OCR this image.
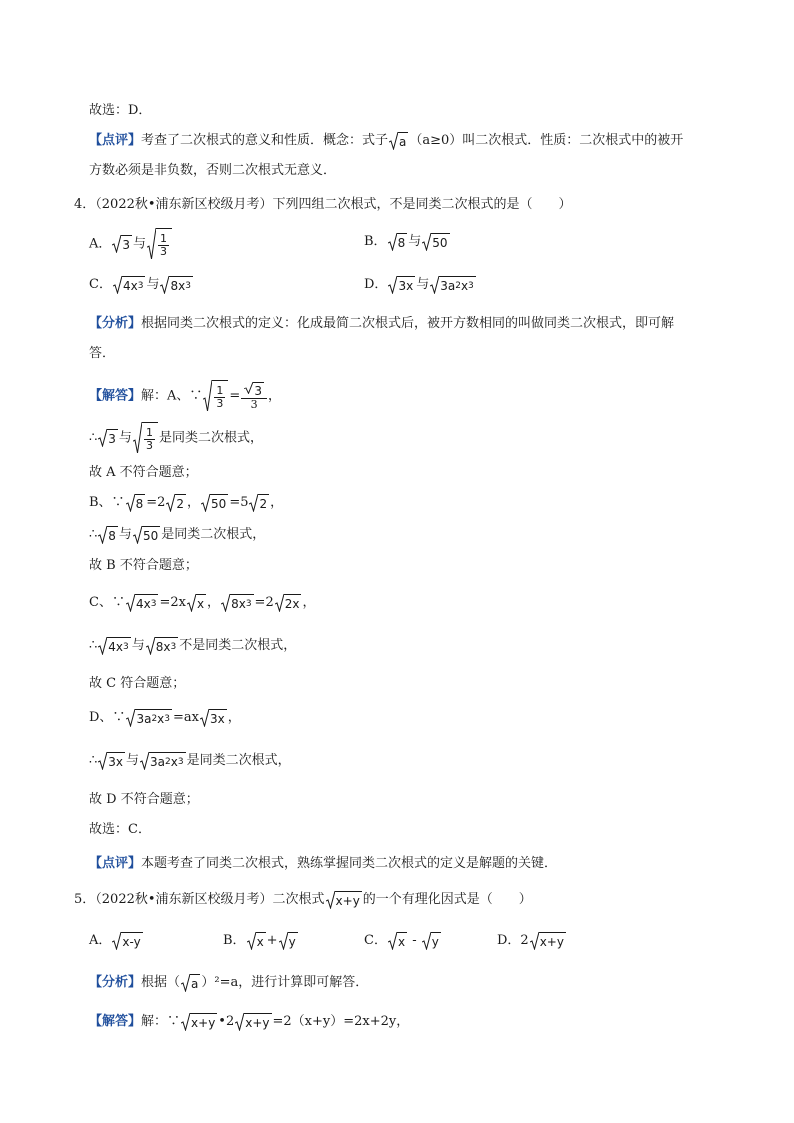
故选：D．
【点评】考查了二次根式的意义和性质．概念：式子 a （a≥0）叫二次根式．性质：二次根式中的被开
方数必须是非负数，否则二次根式无意义．
4．（2022秋•浦东新区校级月考）下列四组二次根式，不是同类二次根式的是（　　）
A． 3 与 $\frac{1}{3}$	B． 8 与 50
C． 4x 3 与 8x 3	D． 3x 与 3a 2 x 3
【分析】根据同类二次根式的定义：化成最简二次根式后，被开方数相同的叫做同类二次根式，即可解
答．
【解答】解：A、∵ $\frac{1}{3} = \frac{3}{3}$ ，
∴ 3 与 $\frac{1}{3}$ 是同类二次根式，
故 A 不符合题意；
B、∵ 8 =2 2 ， 50 =5 2 ，
∴ 8 与 50 是同类二次根式，
故 B 不符合题意；
C、∵ 4x 3 =2x x ， 8x 3 =2 2x ，
∴ 4x 3 与 8x 3 不是同类二次根式，
故 C 符合题意；
D、∵ 3a 2 x 3 =ax 3x ，
∴ 3x 与 3a 2 x 3 是同类二次根式，
故 D 不符合题意；
故选：C．
【点评】本题考查了同类二次根式，熟练掌握同类二次根式的定义是解题的关键．
5．（2022秋•浦东新区校级月考）二次根式 x+y 的一个有理化因式是（　　）
A． x-y	B． x + y	C． x - y	D．2 x+y
【分析】根据（ a ）²=a，进行计算即可解答．
【解答】解：∵ x+y •2 x+y =2（x+y）=2x+2y，
